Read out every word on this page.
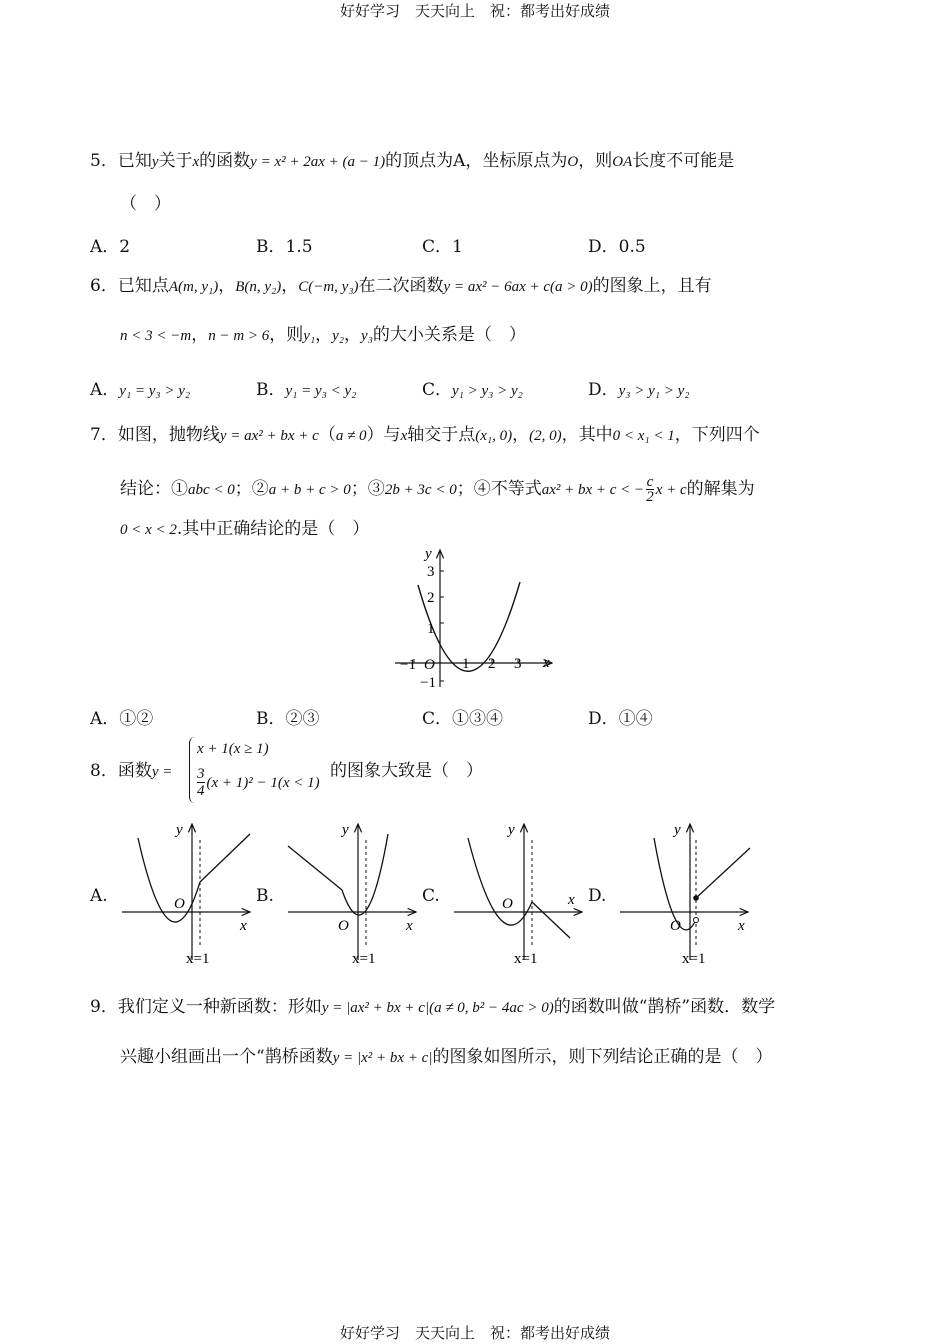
好好学习　天天向上　祝：都考出好成绩
5．已知y关于x的函数y = x² + 2ax + (a − 1)的顶点为A，坐标原点为O，则OA长度不可能是
（　）
A．2	B．1.5	C．1	D．0.5
6．已知点A(m, y₁)，B(n, y₂)，C(−m, y₃)在二次函数y = ax² − 6ax + c(a > 0)的图象上，且有
n < 3 < −m，n − m > 6，则y₁，y₂，y₃的大小关系是（　）
A．y₁ = y₃ > y₂	B．y₁ = y₃ < y₂	C．y₁ > y₃ > y₂	D．y₃ > y₁ > y₂
7．如图，抛物线y = ax² + bx + c（a ≠ 0）与x轴交于点(x₁, 0)，(2, 0)，其中0 < x₁ < 1，下列四个
结论：①abc < 0；②a + b + c > 0；③2b + 3c < 0；④不等式ax² + bx + c < − $\frac{c}{2}$ x + c的解集为
0 < x < 2.其中正确结论的是（　）
y
x
O
−1	1 2 3
3
2
1
−1
A．①②	B．②③	C．①③④	D．①④
8．函数y =
x + 1(x ≥ 1)
$\frac{3}{4} (x + 1)^2 - 1(x < 1)$
的图象大致是（　）
A.
y
x
O
x=1
B.
y
x
O
x=1
C.
y
x
O
x=1
D.
y
x
O
x=1
9．我们定义一种新函数：形如y = |ax² + bx + c|(a ≠ 0, b² − 4ac > 0)的函数叫做“鹊桥”函数．数学
兴趣小组画出一个“鹊桥函数y = |x² + bx + c|的图象如图所示，则下列结论正确的是（　）
好好学习　天天向上　祝：都考出好成绩
